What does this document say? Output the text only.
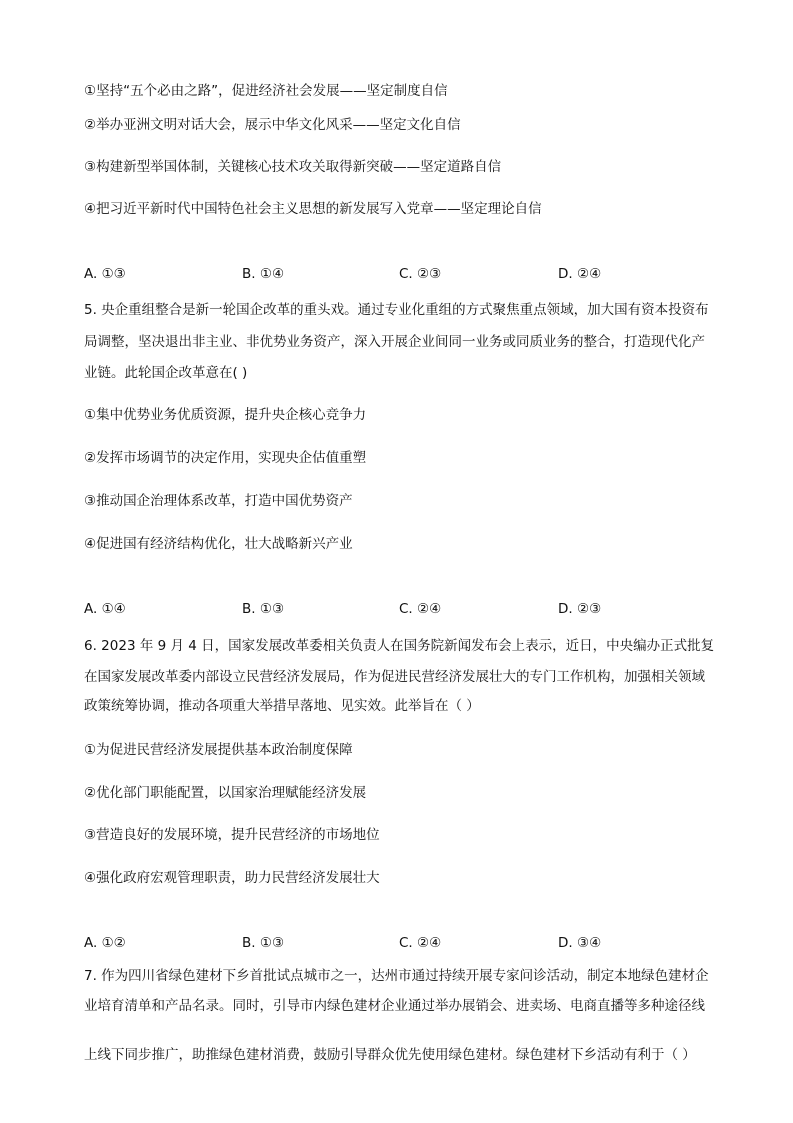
①坚持“五个必由之路”，促进经济社会发展——坚定制度自信
②举办亚洲文明对话大会，展示中华文化风采——坚定文化自信
③构建新型举国体制，关键核心技术攻关取得新突破——坚定道路自信
④把习近平新时代中国特色社会主义思想的新发展写入党章——坚定理论自信
A. ①③	B. ①④	C. ②③	D. ②④
5. 央企重组整合是新一轮国企改革的重头戏。通过专业化重组的方式聚焦重点领域，加大国有资本投资布
局调整，坚决退出非主业、非优势业务资产，深入开展企业间同一业务或同质业务的整合，打造现代化产
业链。此轮国企改革意在( )
①集中优势业务优质资源，提升央企核心竞争力
②发挥市场调节的决定作用，实现央企估值重塑
③推动国企治理体系改革，打造中国优势资产
④促进国有经济结构优化，壮大战略新兴产业
A. ①④	B. ①③	C. ②④	D. ②③
6. 2023 年 9 月 4 日，国家发展改革委相关负责人在国务院新闻发布会上表示，近日，中央编办正式批复
在国家发展改革委内部设立民营经济发展局，作为促进民营经济发展壮大的专门工作机构，加强相关领域
政策统筹协调，推动各项重大举措早落地、见实效。此举旨在（ ）
①为促进民营经济发展提供基本政治制度保障
②优化部门职能配置，以国家治理赋能经济发展
③营造良好的发展环境，提升民营经济的市场地位
④强化政府宏观管理职责，助力民营经济发展壮大
A. ①②	B. ①③	C. ②④	D. ③④
7. 作为四川省绿色建材下乡首批试点城市之一，达州市通过持续开展专家问诊活动，制定本地绿色建材企
业培育清单和产品名录。同时，引导市内绿色建材企业通过举办展销会、进卖场、电商直播等多种途径线
上线下同步推广，助推绿色建材消费，鼓励引导群众优先使用绿色建材。绿色建材下乡活动有利于（ ）
